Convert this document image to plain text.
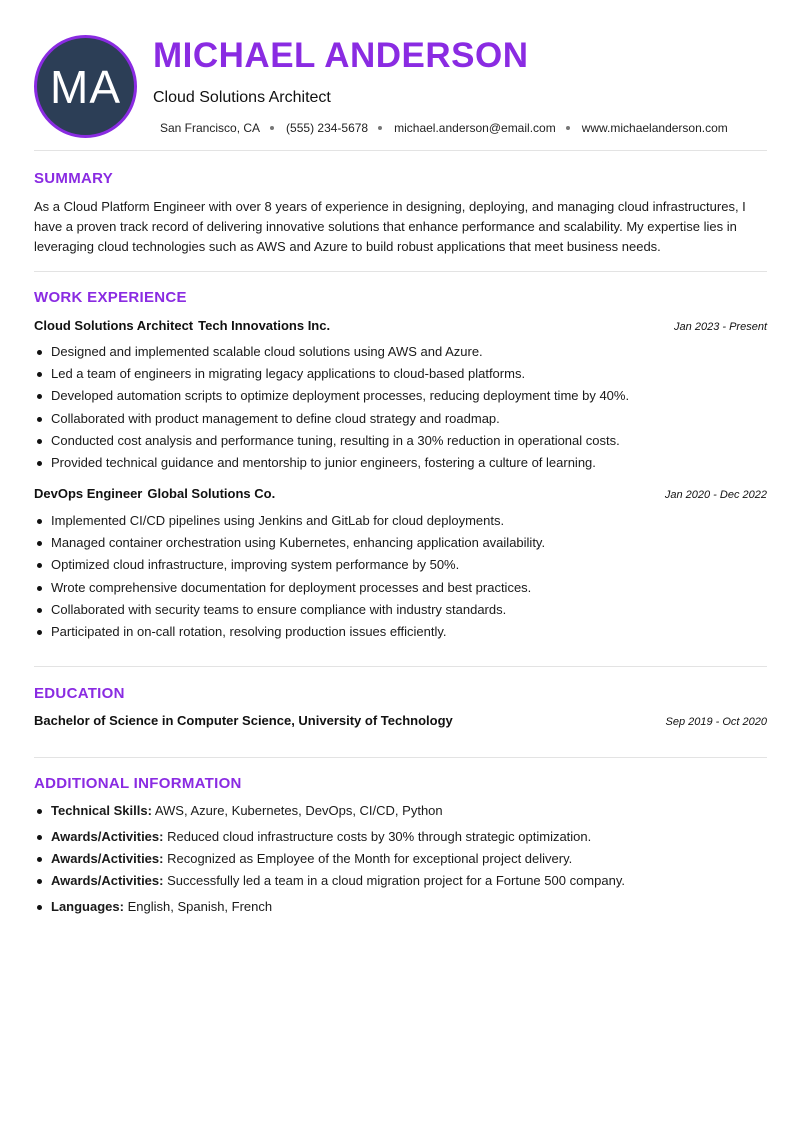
MA
MICHAEL ANDERSON
Cloud Solutions Architect
San Francisco, CA (555) 234-5678 michael.anderson@email.com www.michaelanderson.com
SUMMARY

As a Cloud Platform Engineer with over 8 years of experience in designing, deploying, and managing cloud infrastructures, I have a proven track record of delivering innovative solutions that enhance performance and scalability. My expertise lies in leveraging cloud technologies such as AWS and Azure to build robust applications that meet business needs.

WORK EXPERIENCE
Cloud Solutions Architect Tech Innovations Inc.	Jan 2023 - Present
Designed and implemented scalable cloud solutions using AWS and Azure.
Led a team of engineers in migrating legacy applications to cloud-based platforms.
Developed automation scripts to optimize deployment processes, reducing deployment time by 40%.
Collaborated with product management to define cloud strategy and roadmap.
Conducted cost analysis and performance tuning, resulting in a 30% reduction in operational costs.
Provided technical guidance and mentorship to junior engineers, fostering a culture of learning.
DevOps Engineer Global Solutions Co.	Jan 2020 - Dec 2022
Implemented CI/CD pipelines using Jenkins and GitLab for cloud deployments.
Managed container orchestration using Kubernetes, enhancing application availability.
Optimized cloud infrastructure, improving system performance by 50%.
Wrote comprehensive documentation for deployment processes and best practices.
Collaborated with security teams to ensure compliance with industry standards.
Participated in on-call rotation, resolving production issues efficiently.
EDUCATION
Bachelor of Science in Computer Science, University of Technology	Sep 2019 - Oct 2020
ADDITIONAL INFORMATION
Technical Skills: AWS, Azure, Kubernetes, DevOps, CI/CD, Python
Awards/Activities: Reduced cloud infrastructure costs by 30% through strategic optimization.
Awards/Activities: Recognized as Employee of the Month for exceptional project delivery.
Awards/Activities: Successfully led a team in a cloud migration project for a Fortune 500 company.
Languages: English, Spanish, French
